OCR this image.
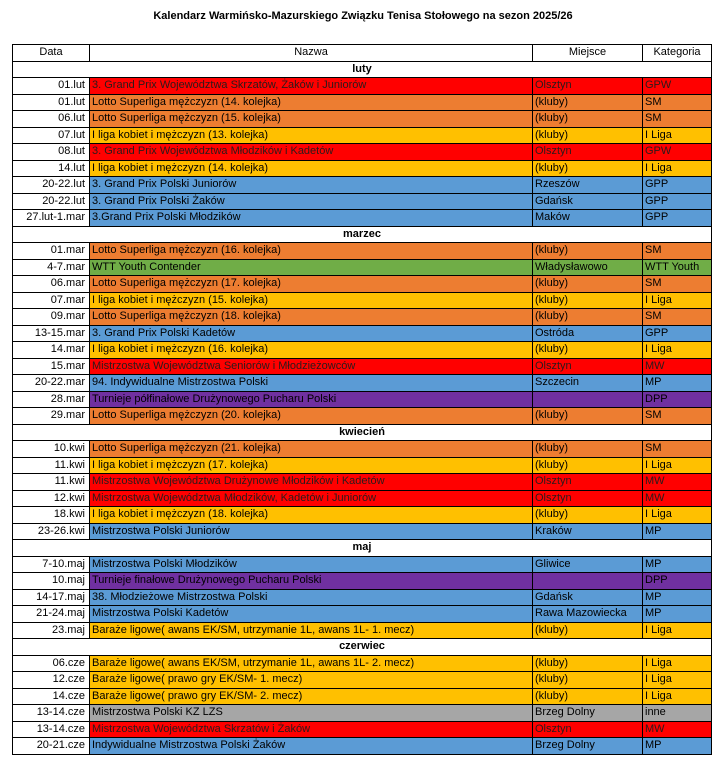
Kalendarz Warmińsko-Mazurskiego Związku Tenisa Stołowego na sezon 2025/26
Data	Nazwa	Miejsce	Kategoria
luty			
01.lut	3. Grand Prix Województwa Skrzatów, Żaków i Juniorów	Olsztyn	GPW
01.lut	Lotto Superliga mężczyzn (14. kolejka)	(kluby)	SM
06.lut	Lotto Superliga mężczyzn (15. kolejka)	(kluby)	SM
07.lut	I liga kobiet i mężczyzn (13. kolejka)	(kluby)	I Liga
08.lut	3. Grand Prix Województwa Młodzików i Kadetów	Olsztyn	GPW
14.lut	I liga kobiet i mężczyzn (14. kolejka)	(kluby)	I Liga
20-22.lut	3. Grand Prix Polski Juniorów	Rzeszów	GPP
20-22.lut	3. Grand Prix Polski Żaków	Gdańsk	GPP
27.lut-1.mar	3.Grand Prix Polski Młodzików	Maków	GPP
marzec			
01.mar	Lotto Superliga mężczyzn (16. kolejka)	(kluby)	SM
4-7.mar	WTT Youth Contender	Władysławowo	WTT Youth
06.mar	Lotto Superliga mężczyzn (17. kolejka)	(kluby)	SM
07.mar	I liga kobiet i mężczyzn (15. kolejka)	(kluby)	I Liga
09.mar	Lotto Superliga mężczyzn (18. kolejka)	(kluby)	SM
13-15.mar	3. Grand Prix Polski Kadetów	Ostróda	GPP
14.mar	I liga kobiet i mężczyzn (16. kolejka)	(kluby)	I Liga
15.mar	Mistrzostwa Województwa Seniorów i Młodzieżowców	Olsztyn	MW
20-22.mar	94. Indywidualne Mistrzostwa Polski	Szczecin	MP
28.mar	Turnieje półfinałowe Drużynowego Pucharu Polski		DPP
29.mar	Lotto Superliga mężczyzn (20. kolejka)	(kluby)	SM
kwiecień			
10.kwi	Lotto Superliga mężczyzn (21. kolejka)	(kluby)	SM
11.kwi	I liga kobiet i mężczyzn (17. kolejka)	(kluby)	I Liga
11.kwi	Mistrzostwa Województwa Drużynowe Młodzików i Kadetów	Olsztyn	MW
12.kwi	Mistrzostwa Województwa Młodzików, Kadetów i Juniorów	Olsztyn	MW
18.kwi	I liga kobiet i mężczyzn (18. kolejka)	(kluby)	I Liga
23-26.kwi	Mistrzostwa Polski Juniorów	Kraków	MP
maj			
7-10.maj	Mistrzostwa Polski Młodzików	Gliwice	MP
10.maj	Turnieje finałowe Drużynowego Pucharu Polski		DPP
14-17.maj	38. Młodzieżowe Mistrzostwa Polski	Gdańsk	MP
21-24.maj	Mistrzostwa Polski Kadetów	Rawa Mazowiecka	MP
23.maj	Baraże ligowe( awans EK/SM, utrzymanie 1L, awans 1L- 1. mecz)	(kluby)	I Liga
czerwiec			
06.cze	Baraże ligowe( awans EK/SM, utrzymanie 1L, awans 1L- 2. mecz)	(kluby)	I Liga
12.cze	Baraże ligowe( prawo gry EK/SM- 1. mecz)	(kluby)	I Liga
14.cze	Baraże ligowe( prawo gry EK/SM- 2. mecz)	(kluby)	I Liga
13-14.cze	Mistrzostwa Polski KZ LZS	Brzeg Dolny	inne
13-14.cze	Mistrzostwa Województwa Skrzatów i Żaków	Olsztyn	MW
20-21.cze	Indywidualne Mistrzostwa Polski Żaków	Brzeg Dolny	MP
